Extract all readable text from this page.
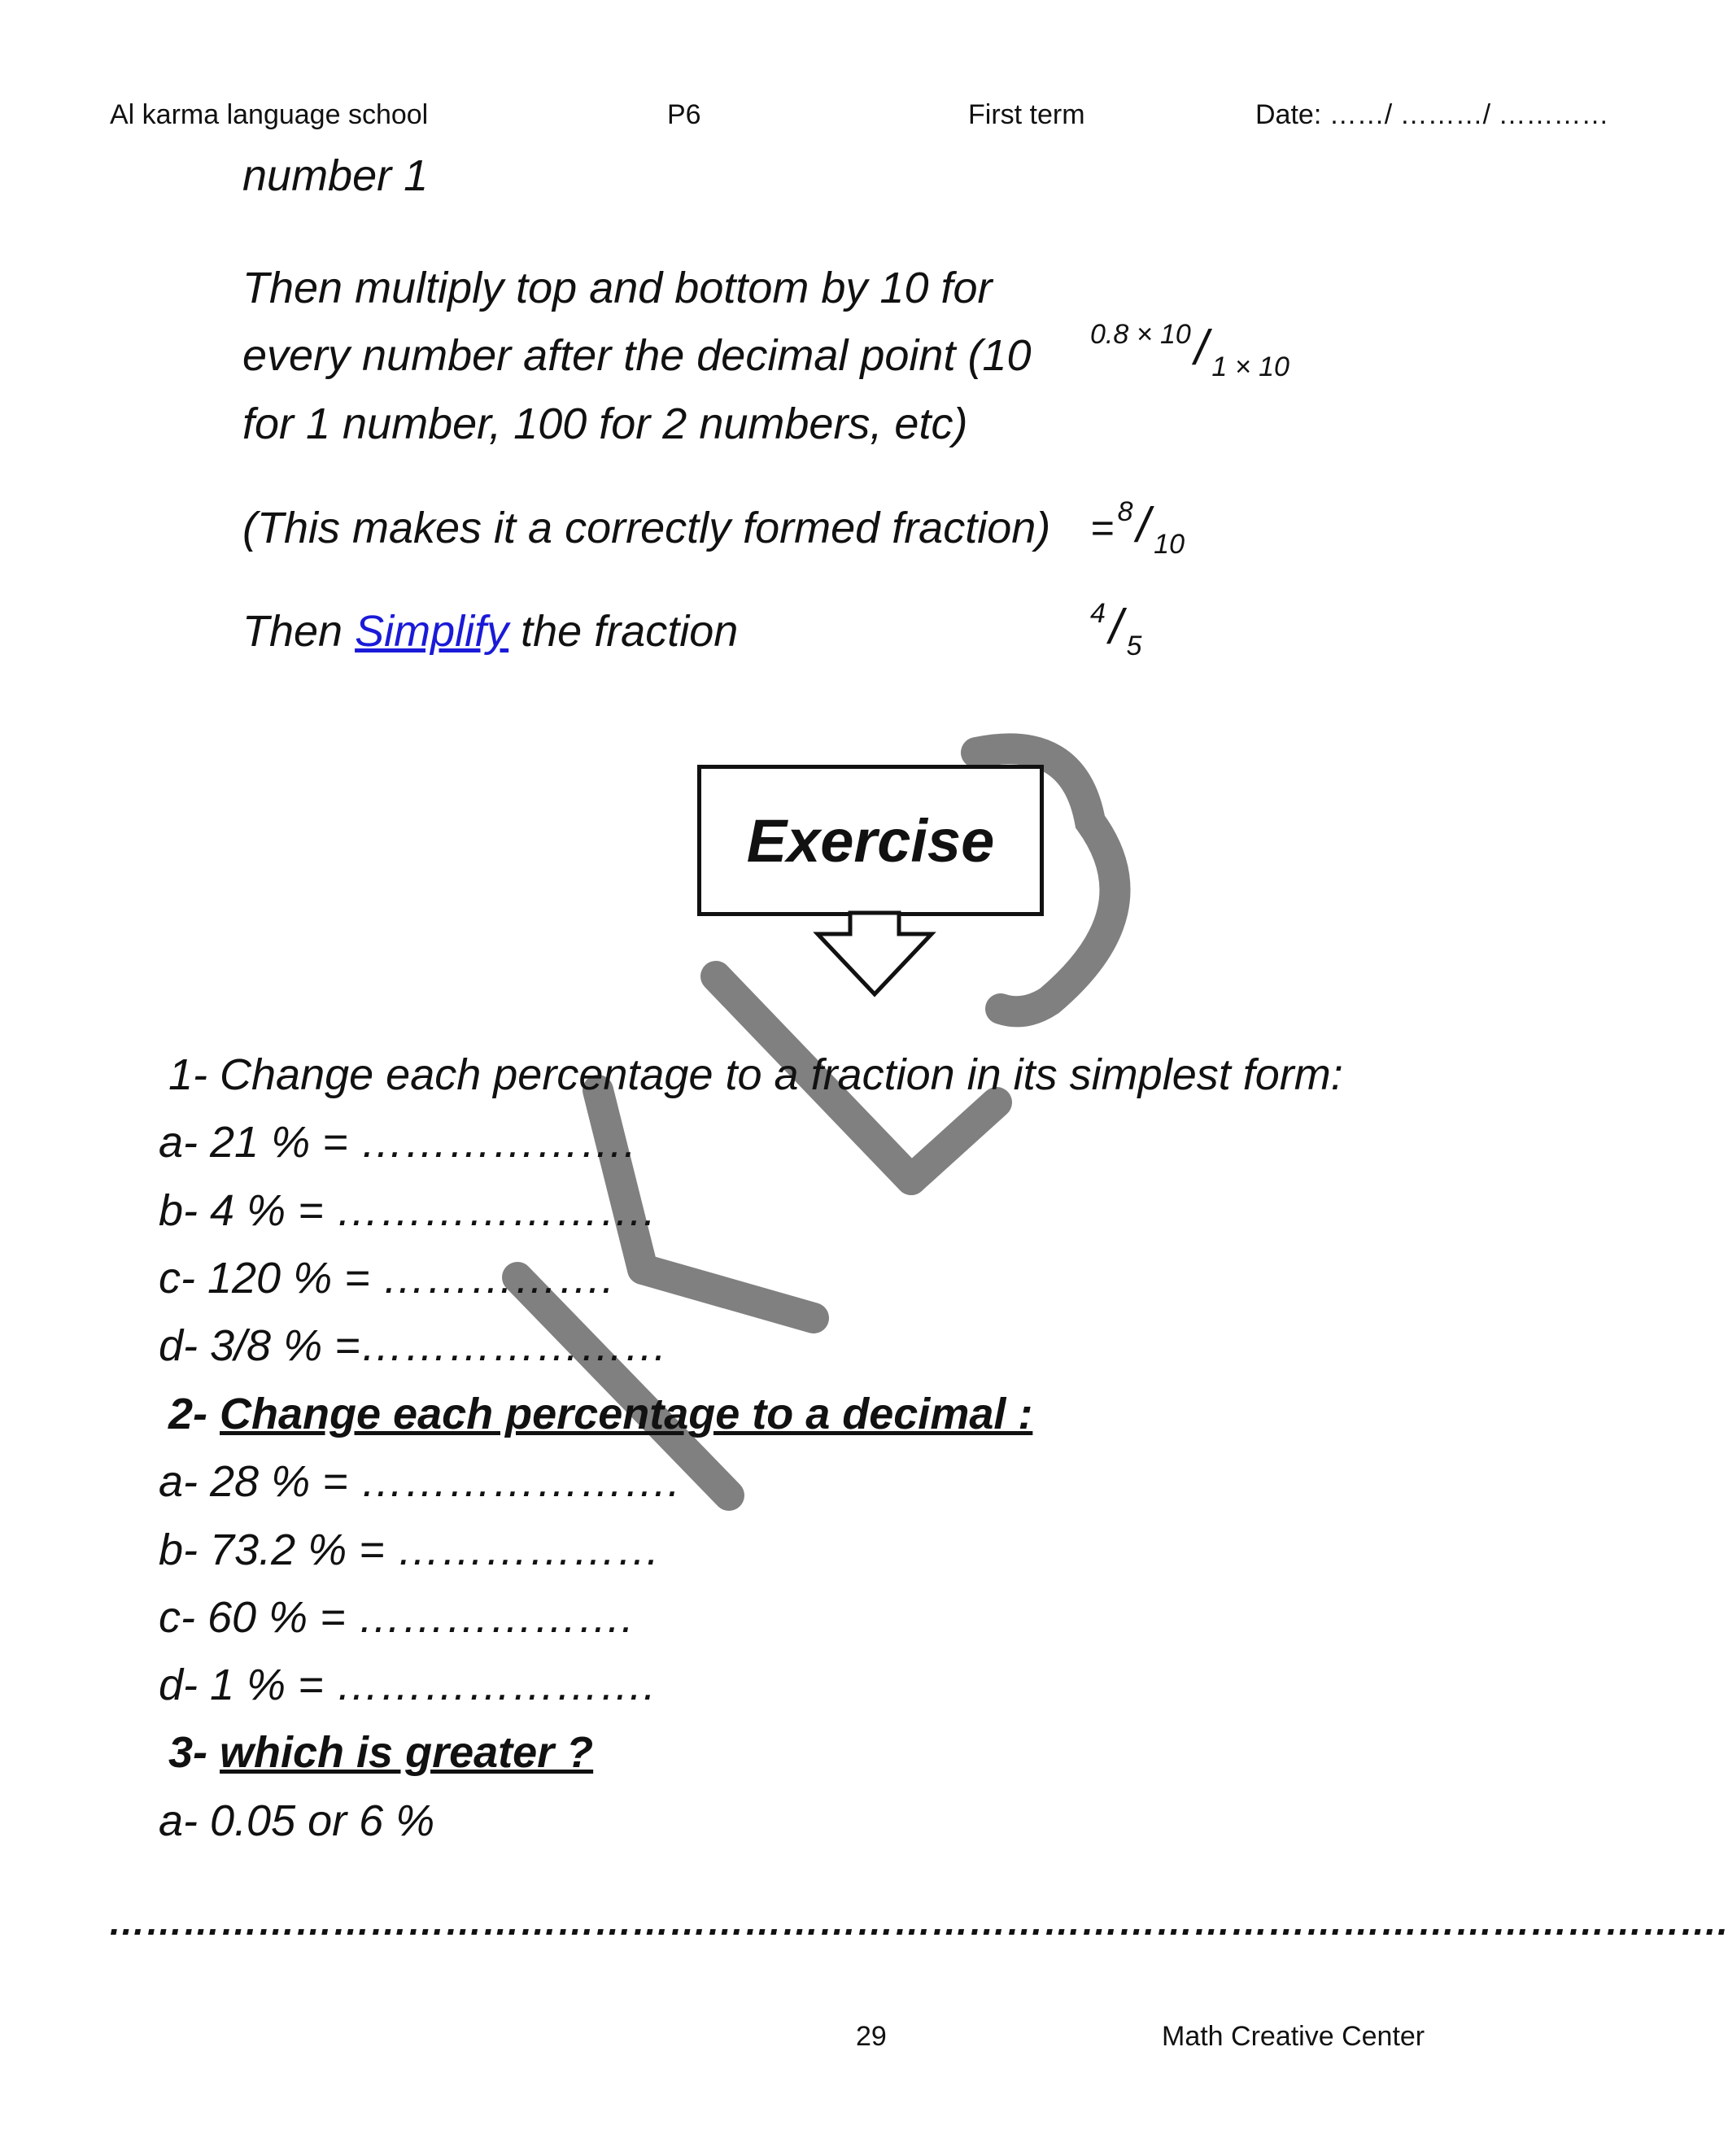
Al karma language school	P6	First term	Date: ……/ ………/ …………
number 1
Then multiply top and bottom by 10 for
every number after the decimal point (10
for 1 number, 100 for 2 numbers, etc)
0.8 × 10 / 1 × 10
(This makes it a correctly formed fraction) = 8 / 10
Then Simplify the fraction	4 / 5
Exercise
1- Change each percentage to a fraction in its simplest form:
a- 21 % = ……………….
b- 4 % = ………………….
c- 120 % = …………….
d- 3/8 % =…………………
2- Change each percentage to a decimal :
a- 28 % = ………………….
b- 73.2 % = ………………
c- 60 % = ……………….
d- 1 % = ………………….
3- which is greater ?
a- 0.05 or 6 %
………………………………………………………………………………………………………………….
29	Math Creative Center
